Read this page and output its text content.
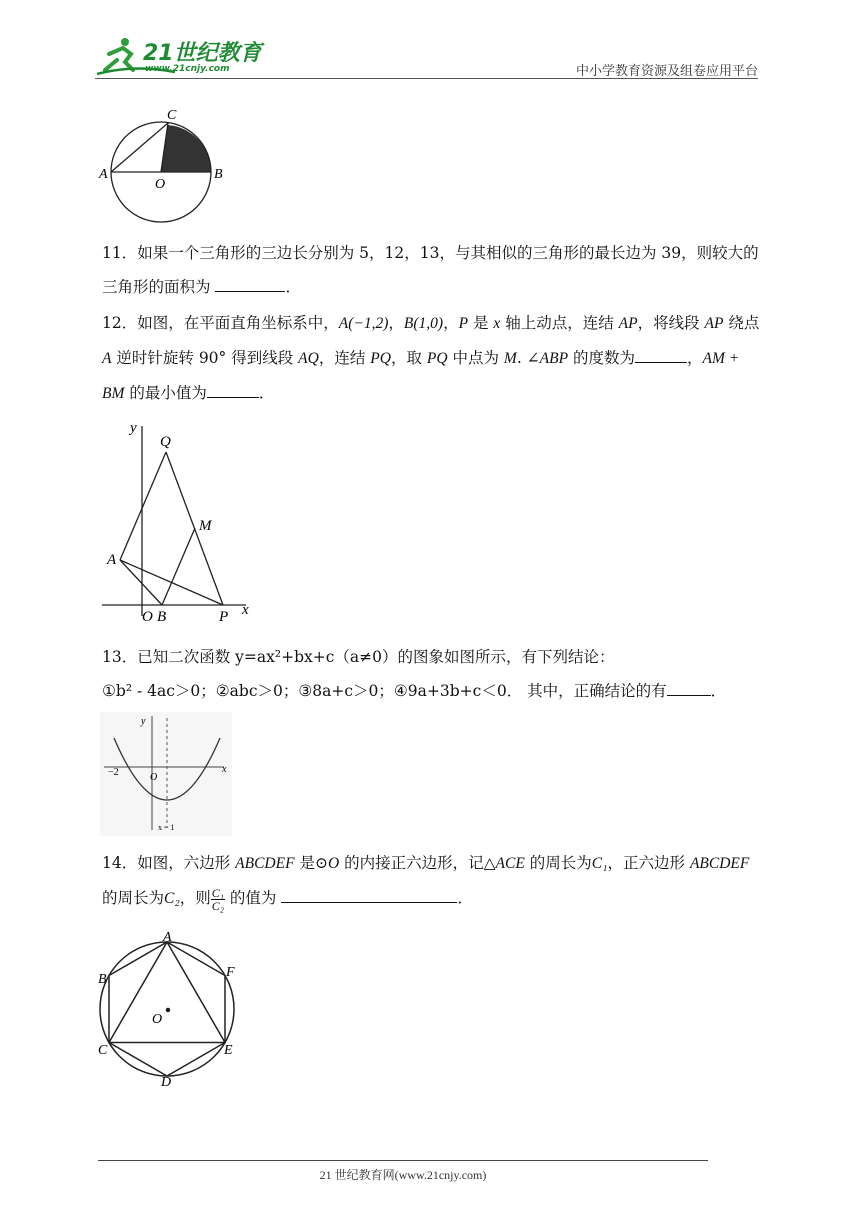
21世纪教育
www.21cnjy.com	中小学教育资源及组卷应用平台
C
A
O
B
11．如果一个三角形的三边长分别为 5，12，13，与其相似的三角形的最长边为 39，则较大的三角形的面积为	．
12．如图，在平面直角坐标系中，A(−1,2)，B(1,0)，P 是 x 轴上动点，连结 AP，将线段 AP 绕点 A 逆时针旋转 90° 得到线段 AQ，连结 PQ，取 PQ 中点为 M. ∠ABP 的度数为	，AM + BM 的最小值为	．
y
Q
M
A
O B	P x
13．已知二次函数 y=ax²+bx+c（a≠0）的图象如图所示，有下列结论：
①b² - 4ac＞0；②abc＞0；③8a+c＞0；④9a+3b+c＜0． 其中，正确结论的有	．
y
x
O
−2
x = 1
14．如图，六边形 ABCDEF 是⊙O 的内接正六边形，记△ACE 的周长为C₁，正六边形 ABCDEF
的周长为C₂，则 $\frac{\text{C₁}}{\text{C₂}}$ 的值为	．
A
B
C
D
E
F
O
21 世纪教育网(www.21cnjy.com)
